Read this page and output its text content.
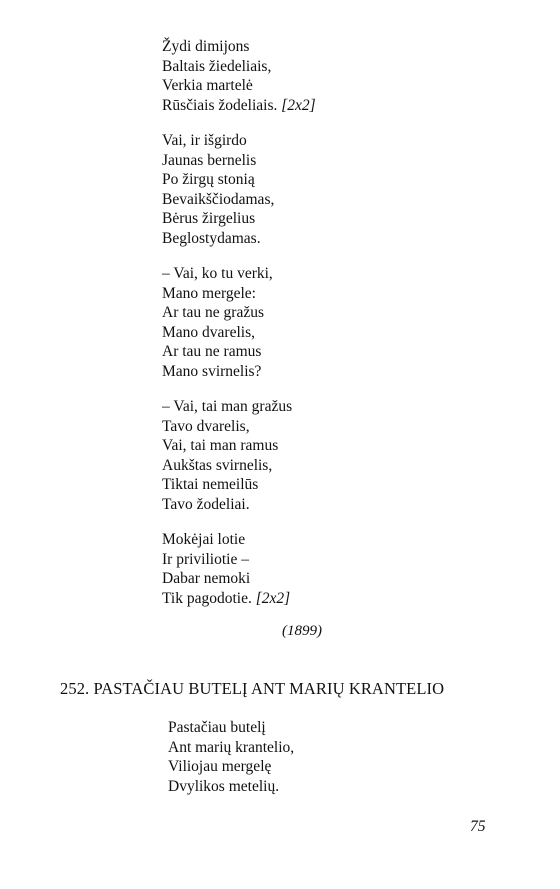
Žydi dimijons
Baltais žiedeliais,
Verkia martelė
Rūsčiais žodeliais. [2x2]
Vai, ir išgirdo
Jaunas bernelis
Po žirgų stonią
Bevaikščiodamas,
Bėrus žirgelius
Beglostydamas.
– Vai, ko tu verki,
Mano mergele:
Ar tau ne gražus
Mano dvarelis,
Ar tau ne ramus
Mano svirnelis?
– Vai, tai man gražus
Tavo dvarelis,
Vai, tai man ramus
Aukštas svirnelis,
Tiktai nemeilūs
Tavo žodeliai.
Mokėjai lotie
Ir priviliotie –
Dabar nemoki
Tik pagodotie. [2x2]
(1899)
252. PASTAČIAU BUTELĮ ANT MARIŲ KRANTELIO
Pastačiau butelį
Ant marių krantelio,
Viliojau mergelę
Dvylikos metelių.
75
